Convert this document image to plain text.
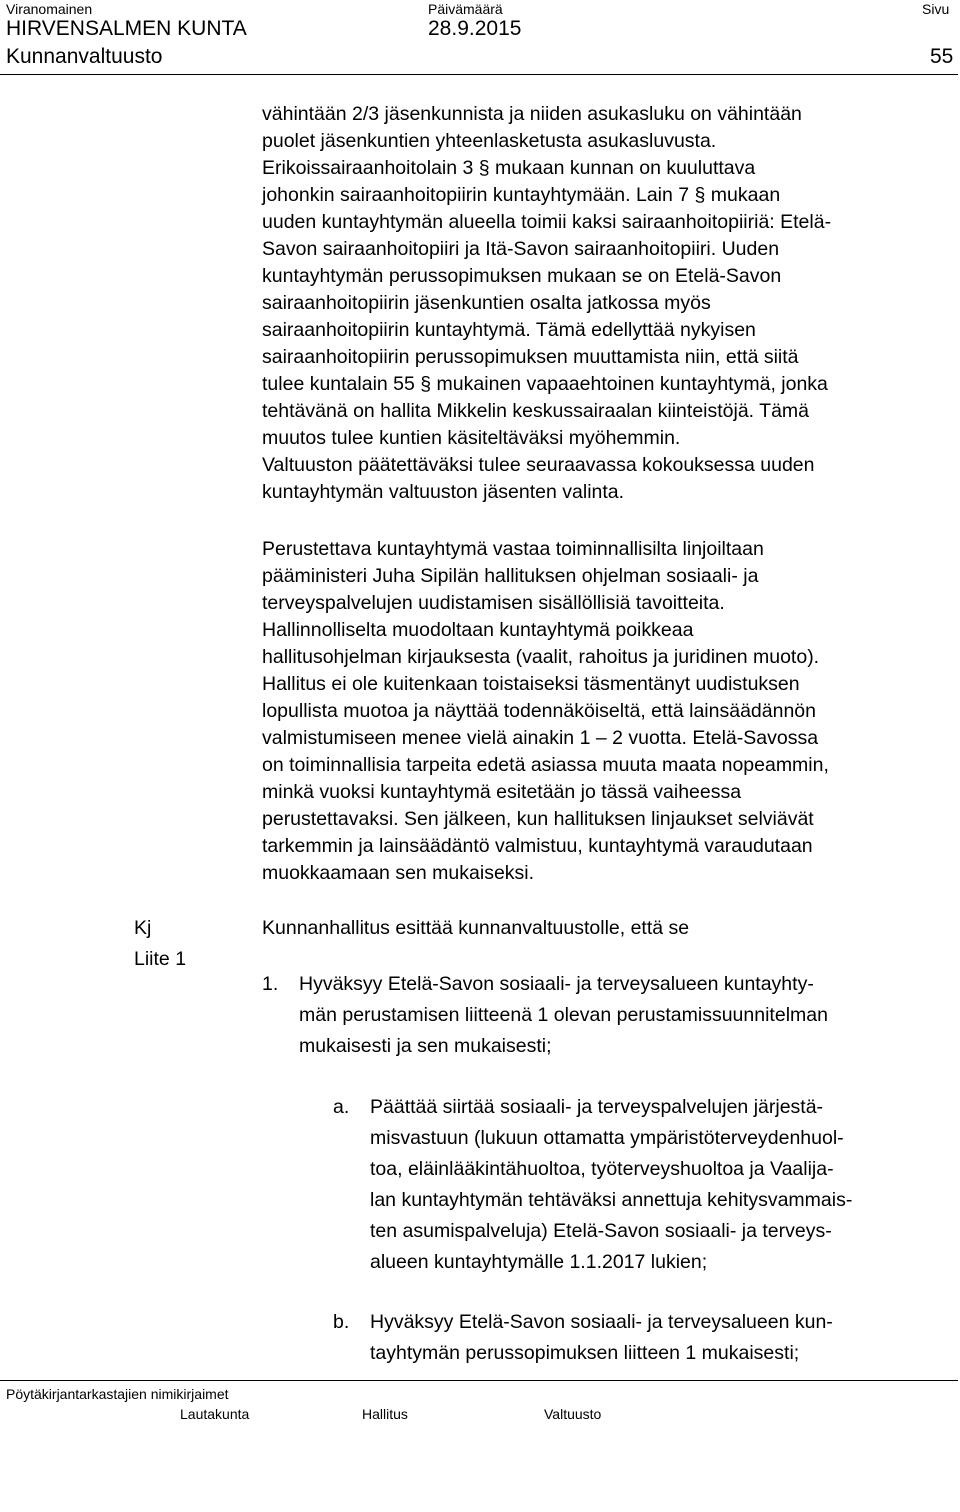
Viranomainen	Päivämäärä	Sivu
HIRVENSALMEN KUNTA	28.9.2015
Kunnanvaltuusto	55
vähintään 2/3 jäsenkunnista ja niiden asukasluku on vähintään
puolet jäsenkuntien yhteenlasketusta asukasluvusta.
Erikoissairaanhoitolain 3 § mukaan kunnan on kuuluttava
johonkin sairaanhoitopiirin kuntayhtymään. Lain 7 § mukaan
uuden kuntayhtymän alueella toimii kaksi sairaanhoitopiiriä: Etelä-
Savon sairaanhoitopiiri ja Itä-Savon sairaanhoitopiiri. Uuden
kuntayhtymän perussopimuksen mukaan se on Etelä-Savon
sairaanhoitopiirin jäsenkuntien osalta jatkossa myös
sairaanhoitopiirin kuntayhtymä. Tämä edellyttää nykyisen
sairaanhoitopiirin perussopimuksen muuttamista niin, että siitä
tulee kuntalain 55 § mukainen vapaaehtoinen kuntayhtymä, jonka
tehtävänä on hallita Mikkelin keskussairaalan kiinteistöjä. Tämä
muutos tulee kuntien käsiteltäväksi myöhemmin.
Valtuuston päätettäväksi tulee seuraavassa kokouksessa uuden
kuntayhtymän valtuuston jäsenten valinta.
Perustettava kuntayhtymä vastaa toiminnallisilta linjoiltaan
pääministeri Juha Sipilän hallituksen ohjelman sosiaali- ja
terveyspalvelujen uudistamisen sisällöllisiä tavoitteita.
Hallinnolliselta muodoltaan kuntayhtymä poikkeaa
hallitusohjelman kirjauksesta (vaalit, rahoitus ja juridinen muoto).
Hallitus ei ole kuitenkaan toistaiseksi täsmentänyt uudistuksen
lopullista muotoa ja näyttää todennäköiseltä, että lainsäädännön
valmistumiseen menee vielä ainakin 1 – 2 vuotta. Etelä-Savossa
on toiminnallisia tarpeita edetä asiassa muuta maata nopeammin,
minkä vuoksi kuntayhtymä esitetään jo tässä vaiheessa
perustettavaksi. Sen jälkeen, kun hallituksen linjaukset selviävät
tarkemmin ja lainsäädäntö valmistuu, kuntayhtymä varaudutaan
muokkaamaan sen mukaiseksi.
Kj
Liite 1
Kunnanhallitus esittää kunnanvaltuustolle, että se
1. Hyväksyy Etelä-Savon sosiaali- ja terveysalueen kuntayhty-
män perustamisen liitteenä 1 olevan perustamissuunnitelman
mukaisesti ja sen mukaisesti;
a. Päättää siirtää sosiaali- ja terveyspalvelujen järjestä-
misvastuun (lukuun ottamatta ympäristöterveydenhuol-
toa, eläinlääkintähuoltoa, työterveyshuoltoa ja Vaalija-
lan kuntayhtymän tehtäväksi annettuja kehitysvammais-
ten asumispalveluja) Etelä-Savon sosiaali- ja terveys-
alueen kuntayhtymälle 1.1.2017 lukien;
b. Hyväksyy Etelä-Savon sosiaali- ja terveysalueen kun-
tayhtymän perussopimuksen liitteen 1 mukaisesti;
Pöytäkirjantarkastajien nimikirjaimet
Lautakunta	Hallitus	Valtuusto
